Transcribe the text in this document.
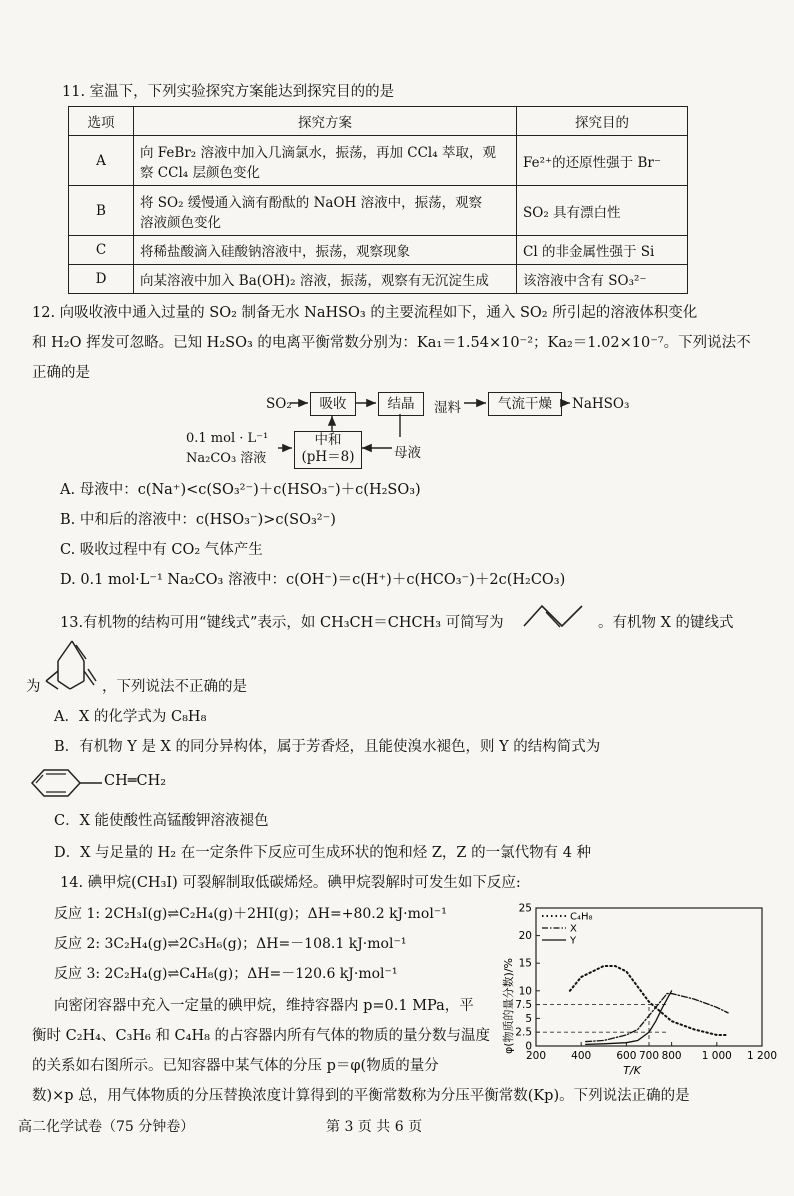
11. 室温下，下列实验探究方案能达到探究目的的是
选项	探究方案	探究目的
A	向 FeBr₂ 溶液中加入几滴氯水，振荡，再加 CCl₄ 萃取，观
察 CCl₄ 层颜色变化	Fe²⁺的还原性强于 Br⁻
B	将 SO₂ 缓慢通入滴有酚酞的 NaOH 溶液中，振荡，观察
溶液颜色变化	SO₂ 具有漂白性
C	将稀盐酸滴入硅酸钠溶液中，振荡，观察现象	Cl 的非金属性强于 Si
D	向某溶液中加入 Ba(OH)₂ 溶液，振荡，观察有无沉淀生成	该溶液中含有 SO₃²⁻
12. 向吸收液中通入过量的 SO₂ 制备无水 NaHSO₃ 的主要流程如下，通入 SO₂ 所引起的溶液体积变化
和 H₂O 挥发可忽略。已知 H₂SO₃ 的电离平衡常数分别为：Ka₁＝1.54×10⁻²；Ka₂＝1.02×10⁻⁷。下列说法不
正确的是
SO₂	吸收	结晶	湿料	气流干燥	NaHSO₃
0.1 mol · L⁻¹
Na₂CO₃ 溶液
中和
(pH＝8)	母液
A. 母液中：c(Na⁺)<c(SO₃²⁻)＋c(HSO₃⁻)＋c(H₂SO₃)
B. 中和后的溶液中：c(HSO₃⁻)>c(SO₃²⁻)
C. 吸收过程中有 CO₂ 气体产生
D. 0.1 mol·L⁻¹ Na₂CO₃ 溶液中：c(OH⁻)＝c(H⁺)＋c(HCO₃⁻)＋2c(H₂CO₃)
13.有机物的结构可用“键线式”表示，如 CH₃CH＝CHCH₃ 可简写为	。有机物 X 的键线式
为	，下列说法不正确的是
A．X 的化学式为 C₈H₈
B．有机物 Y 是 X 的同分异构体，属于芳香烃，且能使溴水褪色，则 Y 的结构简式为
CH═CH₂
C．X 能使酸性高锰酸钾溶液褪色
D．X 与足量的 H₂ 在一定条件下反应可生成环状的饱和烃 Z，Z 的一氯代物有 4 种
14. 碘甲烷(CH₃I) 可裂解制取低碳烯烃。碘甲烷裂解时可发生如下反应:
反应 1: 2CH₃I(g)⇌C₂H₄(g)＋2HI(g)；ΔH=+80.2 kJ·mol⁻¹
反应 2: 3C₂H₄(g)⇌2C₃H₆(g)；ΔH=－108.1 kJ·mol⁻¹
反应 3: 2C₂H₄(g)⇌C₄H₈(g)；ΔH=－120.6 kJ·mol⁻¹
向密闭容器中充入一定量的碘甲烷，维持容器内 p=0.1 MPa，平
衡时 C₂H₄、C₃H₆ 和 C₄H₈ 的占容器内所有气体的物质的量分数与温度
的关系如右图所示。已知容器中某气体的分压 p＝φ(物质的量分
数)×p 总，用气体物质的分压替换浓度计算得到的平衡常数称为分压平衡常数(Kp)。下列说法正确的是
φ(物质的量分数)/%
T/K
200 400 600 700 800 1 000 1 200
0
2.5
5
7.5
10
15
20
25
C₄H₈
X
Y
高二化学试卷（75 分钟卷）	第 3 页 共 6 页
